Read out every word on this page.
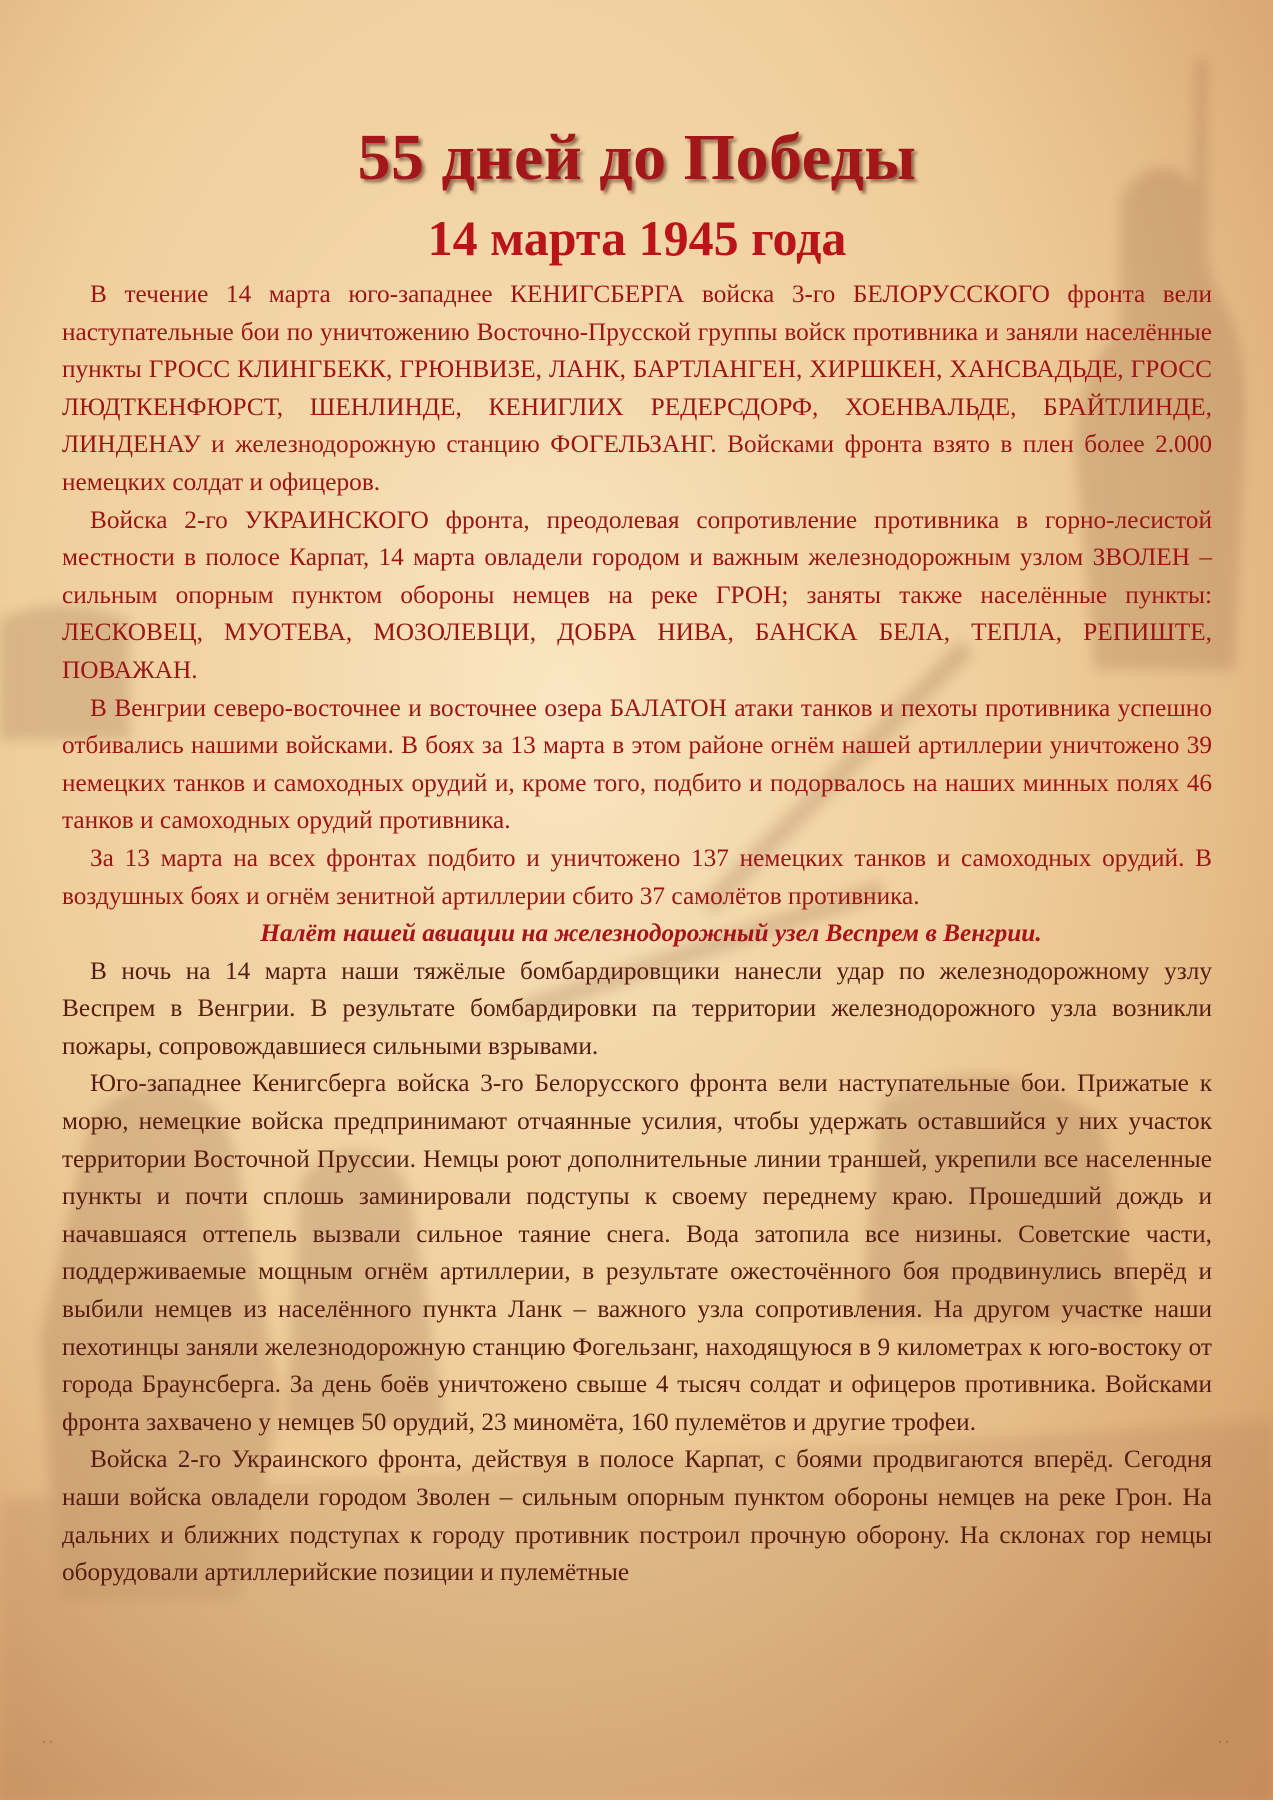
55 дней до Победы
14 марта 1945 года

В течение 14 марта юго-западнее КЕНИГСБЕРГА войска 3-го БЕЛОРУССКОГО фронта вели наступательные бои по уничтожению Восточно-Прусской группы войск противника и заняли населённые пункты ГРОСС КЛИНГБЕКК, ГРЮНВИЗЕ, ЛАНК, БАРТЛАНГЕН, ХИРШКЕН, ХАНСВАДЬДЕ, ГРОСС ЛЮДТКЕНФЮРСТ, ШЕНЛИНДЕ, КЕНИГЛИХ РЕДЕРСДОРФ, ХОЕНВАЛЬДЕ, БРАЙТЛИНДЕ, ЛИНДЕНАУ и железнодорожную станцию ФОГЕЛЬЗАНГ. Войсками фронта взято в плен более 2.000 немецких солдат и офицеров.

Войска 2-го УКРАИНСКОГО фронта, преодолевая сопротивление противника в горно-лесистой местности в полосе Карпат, 14 марта овладели городом и важным железнодорожным узлом ЗВОЛЕН – сильным опорным пунктом обороны немцев на реке ГРОН; заняты также населённые пункты: ЛЕСКОВЕЦ, МУОТЕВА, МОЗОЛЕВЦИ, ДОБРА НИВА, БАНСКА БЕЛА, ТЕПЛА, РЕПИШТЕ, ПОВАЖАН.

В Венгрии северо-восточнее и восточнее озера БАЛАТОН атаки танков и пехоты противника успешно отбивались нашими войсками. В боях за 13 марта в этом районе огнём нашей артиллерии уничтожено 39 немецких танков и самоходных орудий и, кроме того, подбито и подорвалось на наших минных полях 46 танков и самоходных орудий противника.

За 13 марта на всех фронтах подбито и уничтожено 137 немецких танков и самоходных орудий. В воздушных боях и огнём зенитной артиллерии сбито 37 самолётов противника.

Налёт нашей авиации на железнодорожный узел Веспрем в Венгрии.

В ночь на 14 марта наши тяжёлые бомбардировщики нанесли удар по железнодорожному узлу Веспрем в Венгрии. В результате бомбардировки па территории железнодорожного узла возникли пожары, сопровождавшиеся сильными взрывами.

Юго-западнее Кенигсберга войска 3-го Белорусского фронта вели наступательные бои. Прижатые к морю, немецкие войска предпринимают отчаянные усилия, чтобы удержать оставшийся у них участок территории Восточной Пруссии. Немцы роют дополнительные линии траншей, укрепили все населенные пункты и почти сплошь заминировали подступы к своему переднему краю. Прошедший дождь и начавшаяся оттепель вызвали сильное таяние снега. Вода затопила все низины. Советские части, поддерживаемые мощным огнём артиллерии, в результате ожесточённого боя продвинулись вперёд и выбили немцев из населённого пункта Ланк – важного узла сопротивления. На другом участке наши пехотинцы заняли железнодорожную станцию Фогельзанг, находящуюся в 9 километрах к юго-востоку от города Браунсберга. За день боёв уничтожено свыше 4 тысяч солдат и офицеров противника. Войсками фронта захвачено у немцев 50 орудий, 23 миномёта, 160 пулемётов и другие трофеи.

Войска 2-го Украинского фронта, действуя в полосе Карпат, с боями продвигаются вперёд. Сегодня наши войска овладели городом Зволен – сильным опорным пунктом обороны немцев на реке Грон. На дальних и ближних подступах к городу противник построил прочную оборону. На склонах гор немцы оборудовали артиллерийские позиции и пулемётные

˙ ˙	˙ ˙
